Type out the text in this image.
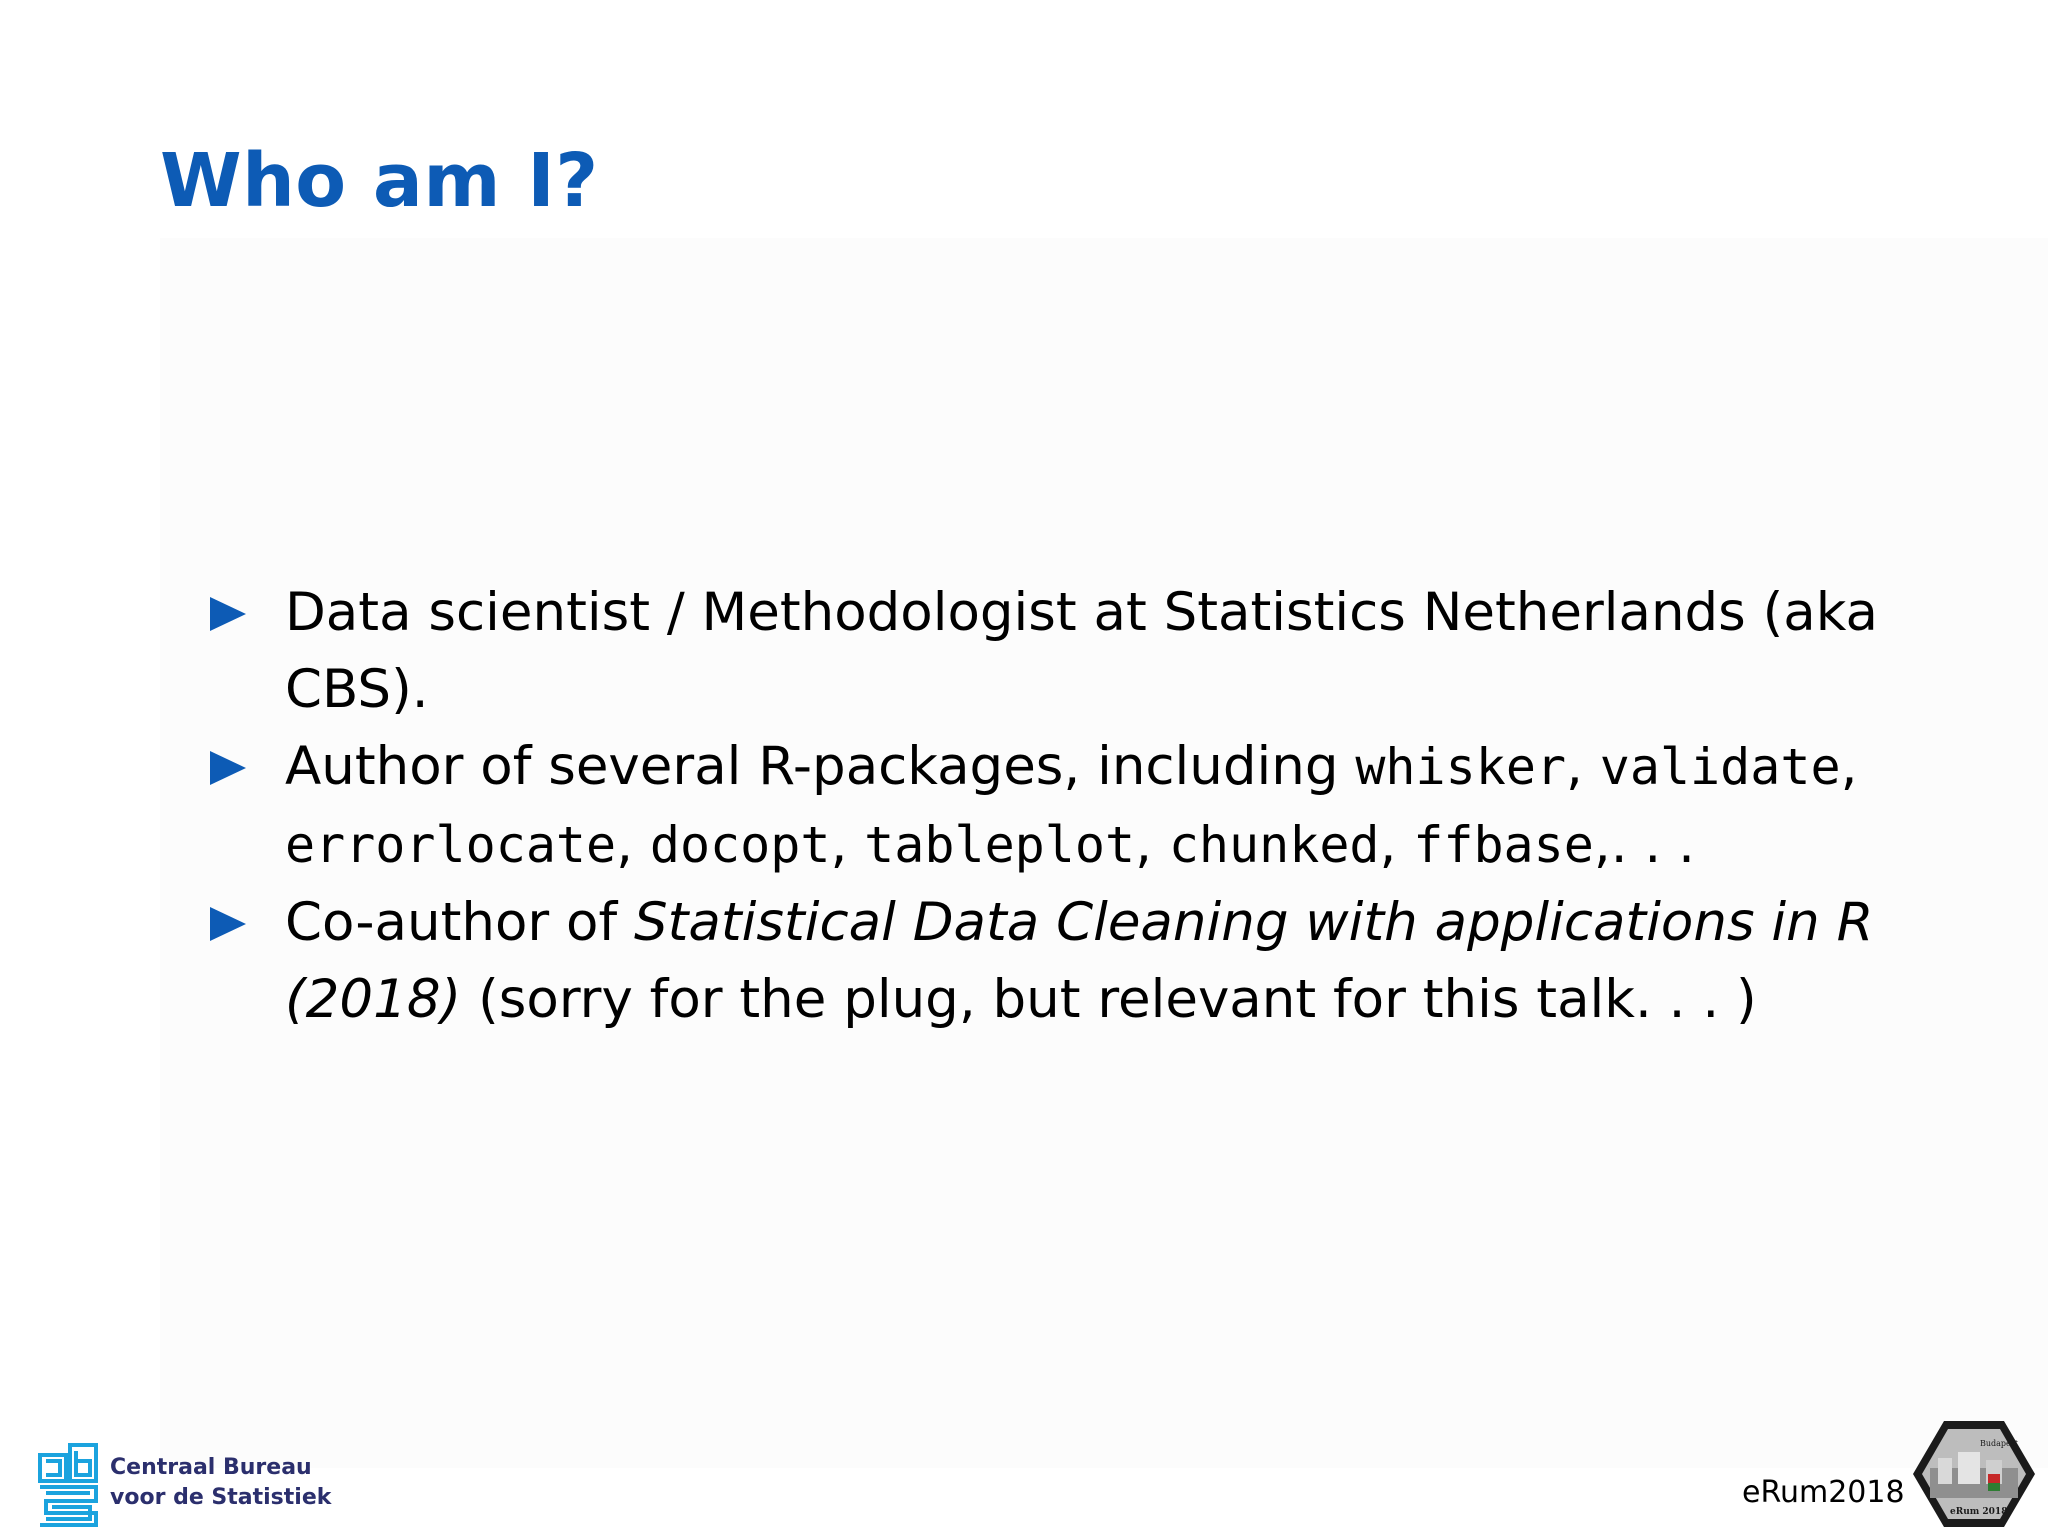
Who am I?
Data scientist / Methodologist at Statistics Netherlands (aka
CBS).
Author of several R-packages, including whisker, validate,
errorlocate, docopt, tableplot, chunked, ffbase,. . .
Co-author of Statistical Data Cleaning with applications in R
(2018) (sorry for the plug, but relevant for this talk. . . )
Centraal Bureau
voor de Statistiek	eRum2018
Budapest
eRum 2018
